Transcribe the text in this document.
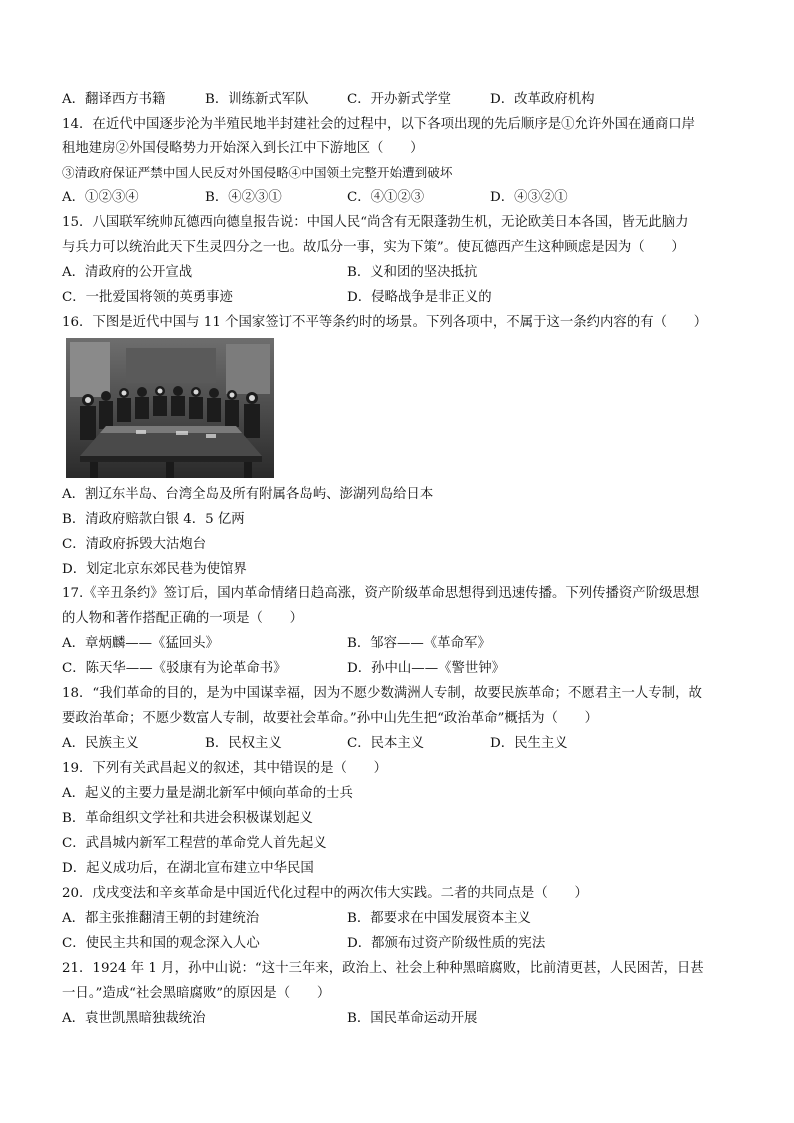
A．翻译西方书籍	B．训练新式军队	C．开办新式学堂	D．改革政府机构
14．在近代中国逐步沦为半殖民地半封建社会的过程中，以下各项出现的先后顺序是①允许外国在通商口岸
租地建房②外国侵略势力开始深入到长江中下游地区（　　）
③清政府保证严禁中国人民反对外国侵略④中国领土完整开始遭到破坏
A．①②③④	B．④②③①	C．④①②③	D．④③②①
15．八国联军统帅瓦德西向德皇报告说：中国人民“尚含有无限蓬勃生机，无论欧美日本各国，皆无此脑力
与兵力可以统治此天下生灵四分之一也。故瓜分一事，实为下策”。使瓦德西产生这种顾虑是因为（　　）
A．清政府的公开宣战	B．义和团的坚决抵抗
C．一批爱国将领的英勇事迹	D．侵略战争是非正义的
16．下图是近代中国与 11 个国家签订不平等条约时的场景。下列各项中，不属于这一条约内容的有（　　）
A．割辽东半岛、台湾全岛及所有附属各岛屿、澎湖列岛给日本
B．清政府赔款白银 4．5 亿两
C．清政府拆毁大沽炮台
D．划定北京东郊民巷为使馆界
17.《辛丑条约》签订后，国内革命情绪日趋高涨，资产阶级革命思想得到迅速传播。下列传播资产阶级思想
的人物和著作搭配正确的一项是（　　）
A．章炳麟——《猛回头》	B．邹容——《革命军》
C．陈天华——《驳康有为论革命书》	D．孙中山——《警世钟》
18．“我们革命的目的，是为中国谋幸福，因为不愿少数满洲人专制，故要民族革命；不愿君主一人专制，故
要政治革命；不愿少数富人专制，故要社会革命。”孙中山先生把“政治革命”概括为（　　）
A．民族主义	B．民权主义	C．民本主义	D．民生主义
19．下列有关武昌起义的叙述，其中错误的是（　　）
A．起义的主要力量是湖北新军中倾向革命的士兵
B．革命组织文学社和共进会积极谋划起义
C．武昌城内新军工程营的革命党人首先起义
D．起义成功后，在湖北宣布建立中华民国
20．戊戌变法和辛亥革命是中国近代化过程中的两次伟大实践。二者的共同点是（　　）
A．都主张推翻清王朝的封建统治	B．都要求在中国发展资本主义
C．使民主共和国的观念深入人心	D．都颁布过资产阶级性质的宪法
21．1924 年 1 月，孙中山说：“这十三年来，政治上、社会上种种黑暗腐败，比前清更甚，人民困苦，日甚
一日。”造成“社会黑暗腐败”的原因是（　　）
A．袁世凯黑暗独裁统治	B．国民革命运动开展
